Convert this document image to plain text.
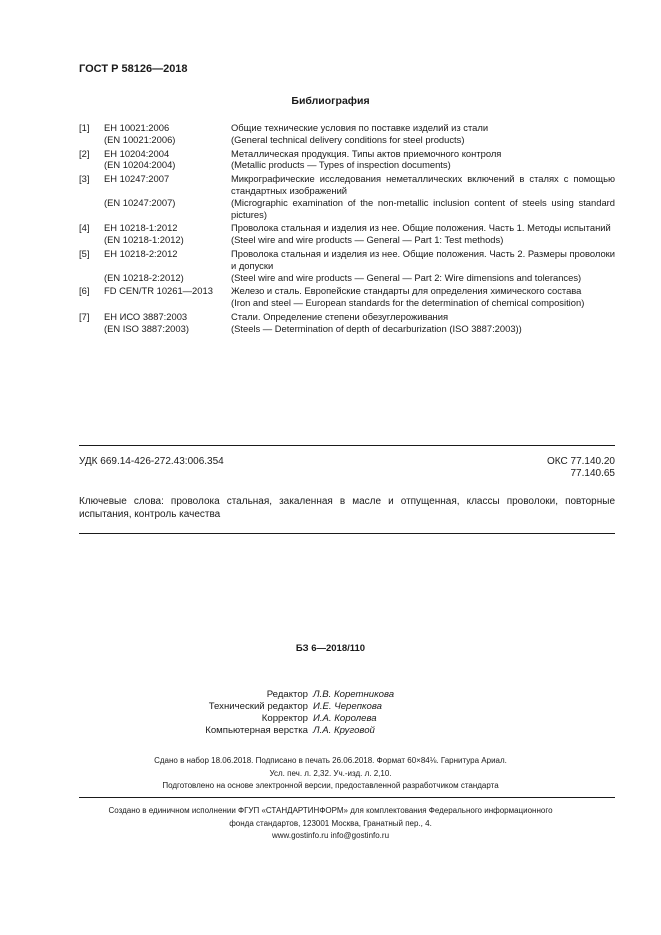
ГОСТ Р 58126—2018
Библиография
[1]	EH 10021:2006	Общие технические условия по поставке изделий из стали
(EN 10021:2006)	(General technical delivery conditions for steel products)
[2]	EH 10204:2004	Металлическая продукция. Типы актов приемочного контроля
(EN 10204:2004)	(Metallic products — Types of inspection documents)
[3]	EH 10247:2007	Микрографические исследования неметаллических включений в сталях с помощью стандартных изображений
(EN 10247:2007)	(Micrographic examination of the non-metallic inclusion content of steels using standard pictures)
[4]	EH 10218-1:2012	Проволока стальная и изделия из нее. Общие положения. Часть 1. Методы испытаний
(EN 10218-1:2012)	(Steel wire and wire products — General — Part 1: Test methods)
[5]	EH 10218-2:2012	Проволока стальная и изделия из нее. Общие положения. Часть 2. Размеры проволоки и допуски
(EN 10218-2:2012)	(Steel wire and wire products — General — Part 2: Wire dimensions and tolerances)
[6]	FD CEN/TR 10261—2013	Железо и сталь. Европейские стандарты для определения химического состава
(Iron and steel — European standards for the determination of chemical composition)
[7]	EH ИСО 3887:2003	Стали. Определение степени обезуглероживания
(EN ISO 3887:2003)	(Steels — Determination of depth of decarburization (ISO 3887:2003))
УДК 669.14-426-272.43:006.354	ОКС 77.140.20
77.140.65
Ключевые слова: проволока стальная, закаленная в масле и отпущенная, классы проволоки, повторные испытания, контроль качества
БЗ 6—2018/110
Редактор Л.В. Коретникова
Технический редактор И.Е. Черепкова
Корректор И.А. Королева
Компьютерная верстка Л.А. Круговой
Сдано в набор 18.06.2018. Подписано в печать 26.06.2018. Формат 60×84⅛. Гарнитура Ариал.
Усл. печ. л. 2,32. Уч.-изд. л. 2,10.
Подготовлено на основе электронной версии, предоставленной разработчиком стандарта
Создано в единичном исполнении ФГУП «СТАНДАРТИНФОРМ» для комплектования Федерального информационного
фонда стандартов, 123001 Москва, Гранатный пер., 4.
www.gostinfo.ru info@gostinfo.ru
